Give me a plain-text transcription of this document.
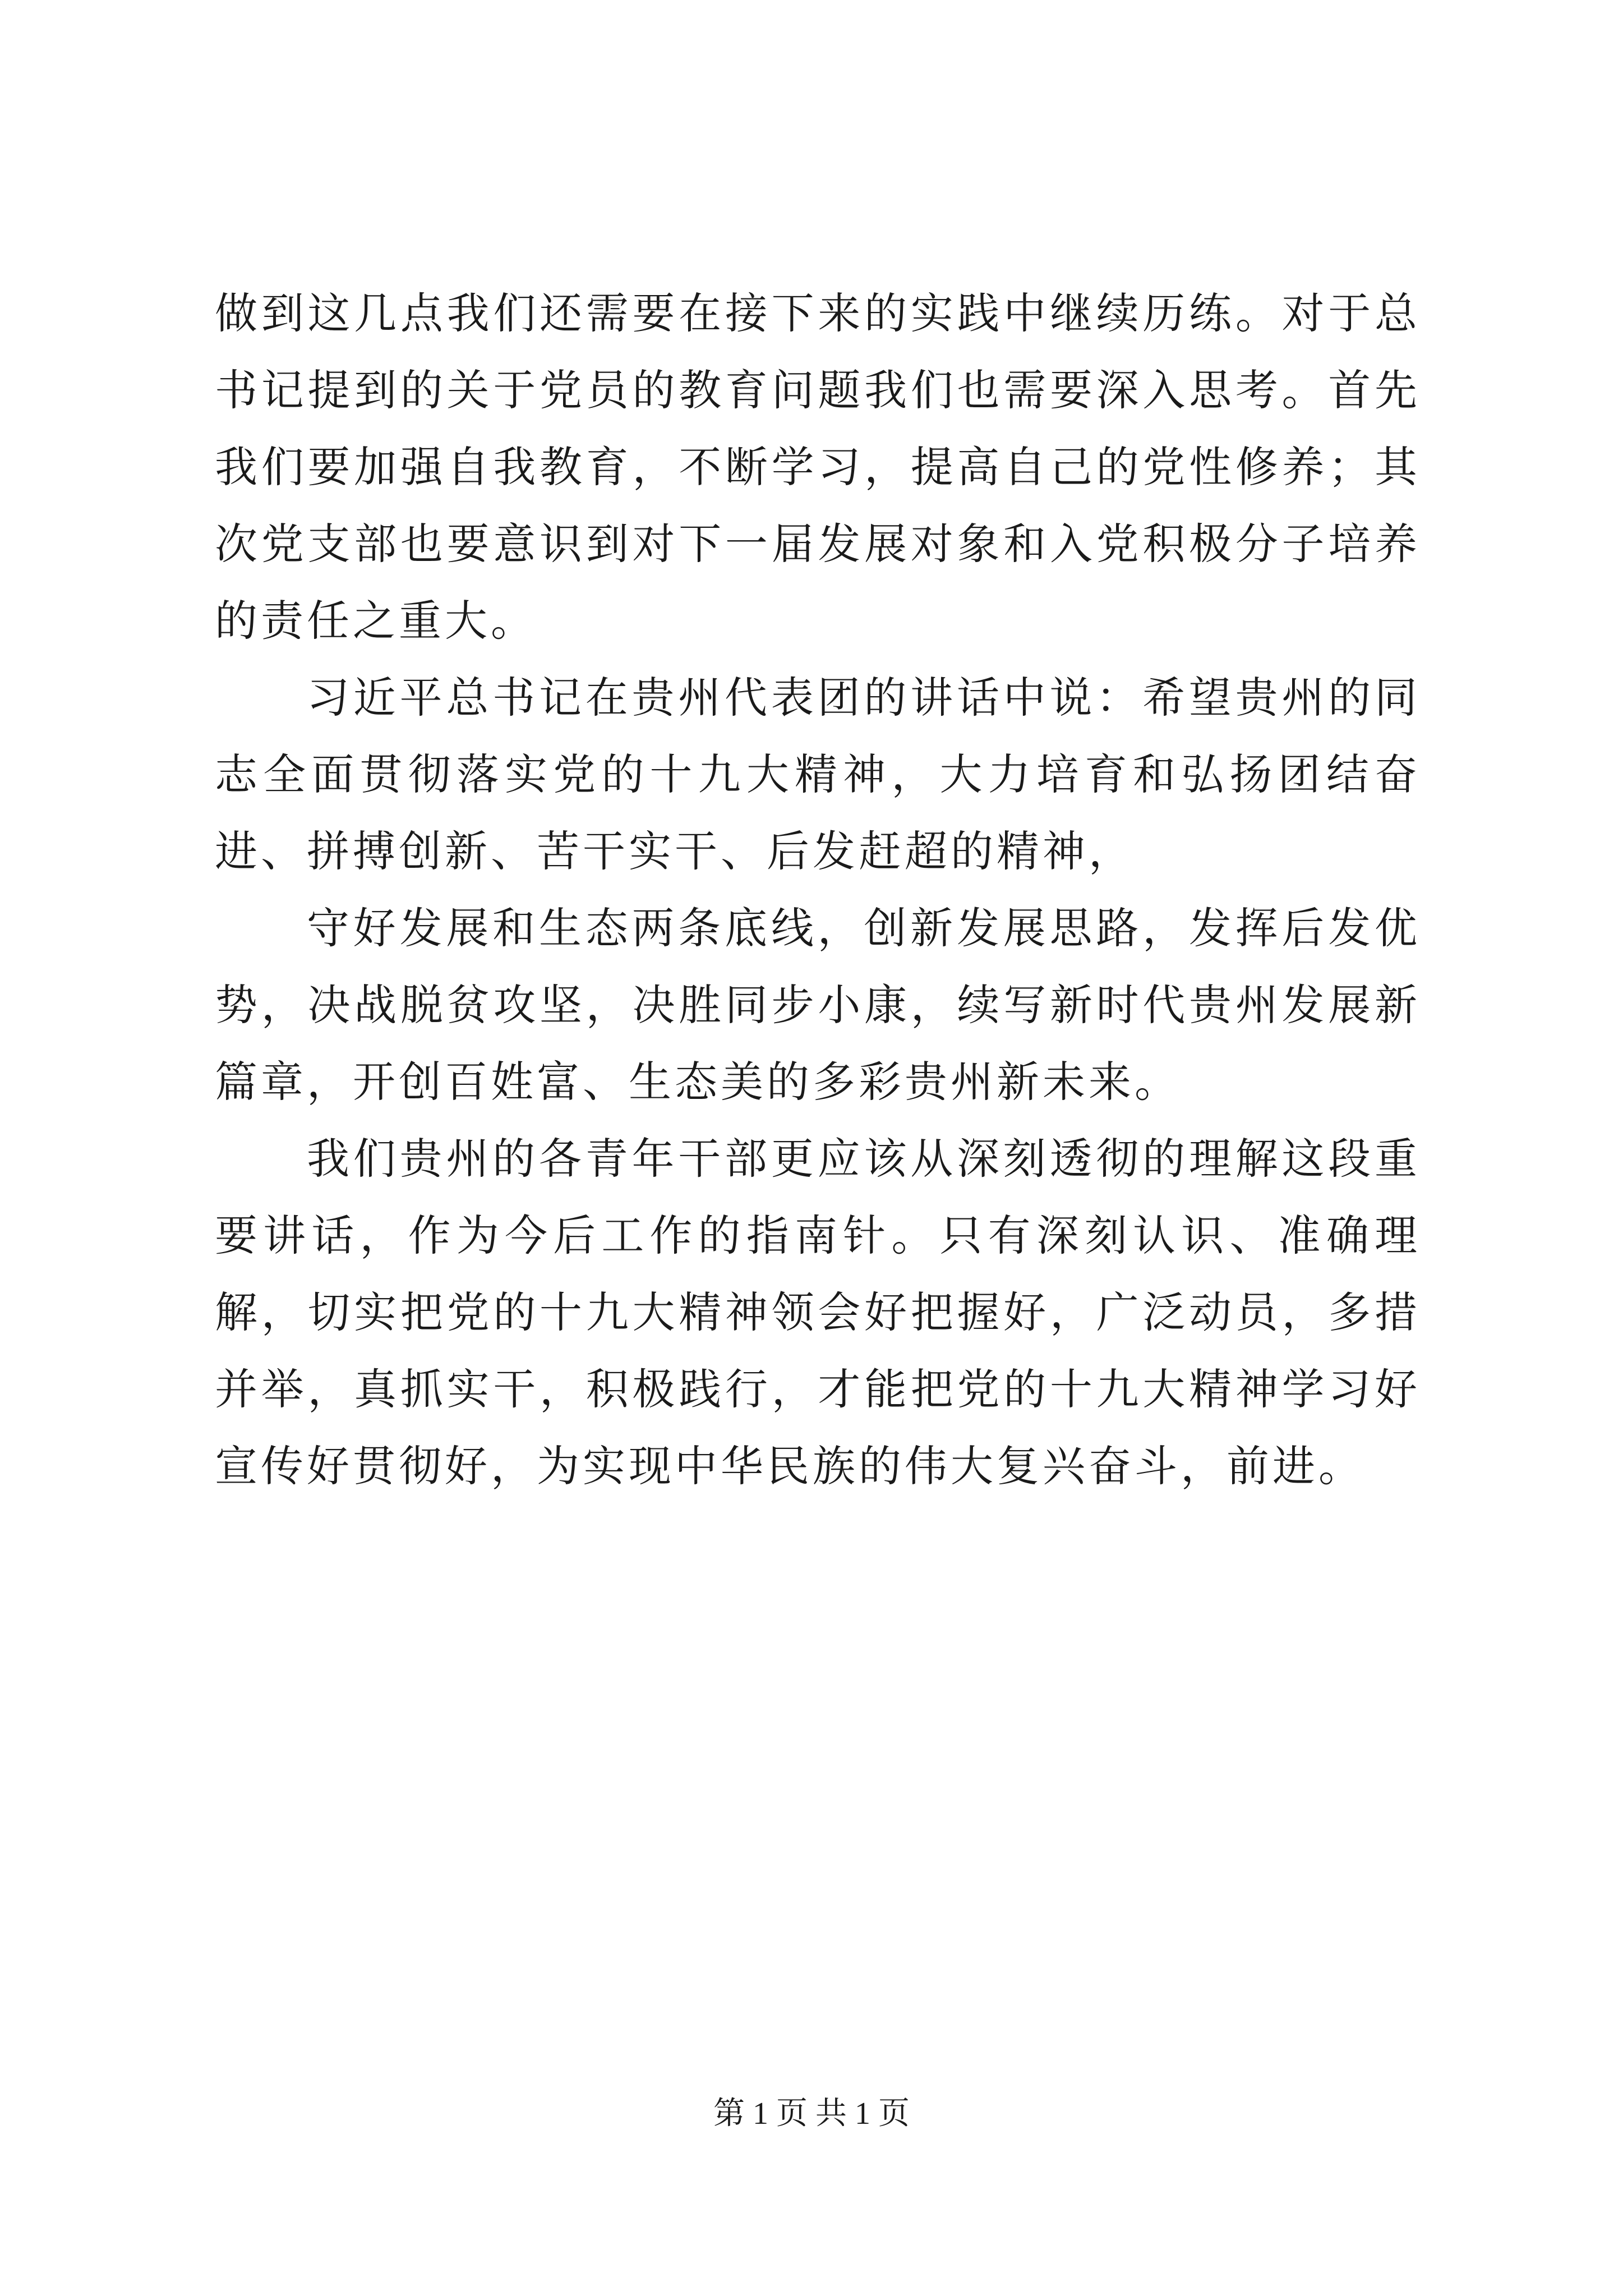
做到这几点我们还需要在接下来的实践中继续历练。对于总书记提到的关于党员的教育问题我们也需要深入思考。首先我们要加强自我教育，不断学习，提高自己的党性修养；其次党支部也要意识到对下一届发展对象和入党积极分子培养的责任之重大。

习近平总书记在贵州代表团的讲话中说：希望贵州的同志全面贯彻落实党的十九大精神，大力培育和弘扬团结奋进、拼搏创新、苦干实干、后发赶超的精神，

守好发展和生态两条底线，创新发展思路，发挥后发优势，决战脱贫攻坚，决胜同步小康，续写新时代贵州发展新篇章，开创百姓富、生态美的多彩贵州新未来。

我们贵州的各青年干部更应该从深刻透彻的理解这段重要讲话，作为今后工作的指南针。只有深刻认识、准确理解，切实把党的十九大精神领会好把握好，广泛动员，多措并举，真抓实干，积极践行，才能把党的十九大精神学习好宣传好贯彻好，为实现中华民族的伟大复兴奋斗，前进。

第 1 页 共 1 页
